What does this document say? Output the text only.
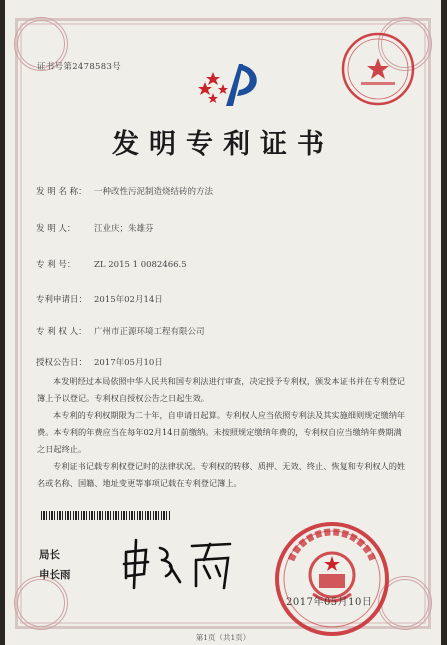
证书号第2478583号
发明专利证书
发 明 名 称： 一种改性污泥制造烧结砖的方法
发 明 人： 江业庆；朱雄芬
专 利 号： ZL 2015 1 0082466.5
专利申请日： 2015年02月14日
专 利 权 人： 广州市正源环境工程有限公司
授权公告日： 2017年05月10日

本发明经过本局依照中华人民共和国专利法进行审查，决定授予专利权，颁发本证书并在专利登记簿上予以登记。专利权自授权公告之日起生效。

本专利的专利权期限为二十年，自申请日起算。专利权人应当依照专利法及其实施细则规定缴纳年费。本专利的年费应当在每年02月14日前缴纳。未按照规定缴纳年费的，专利权自应当缴纳年费期满之日起终止。

专利证书记载专利权登记时的法律状况。专利权的转移、质押、无效、终止、恢复和专利权人的姓名或名称、国籍、地址变更等事项记载在专利登记簿上。

局长
申长雨
2017年05月10日
第1页（共1页）
